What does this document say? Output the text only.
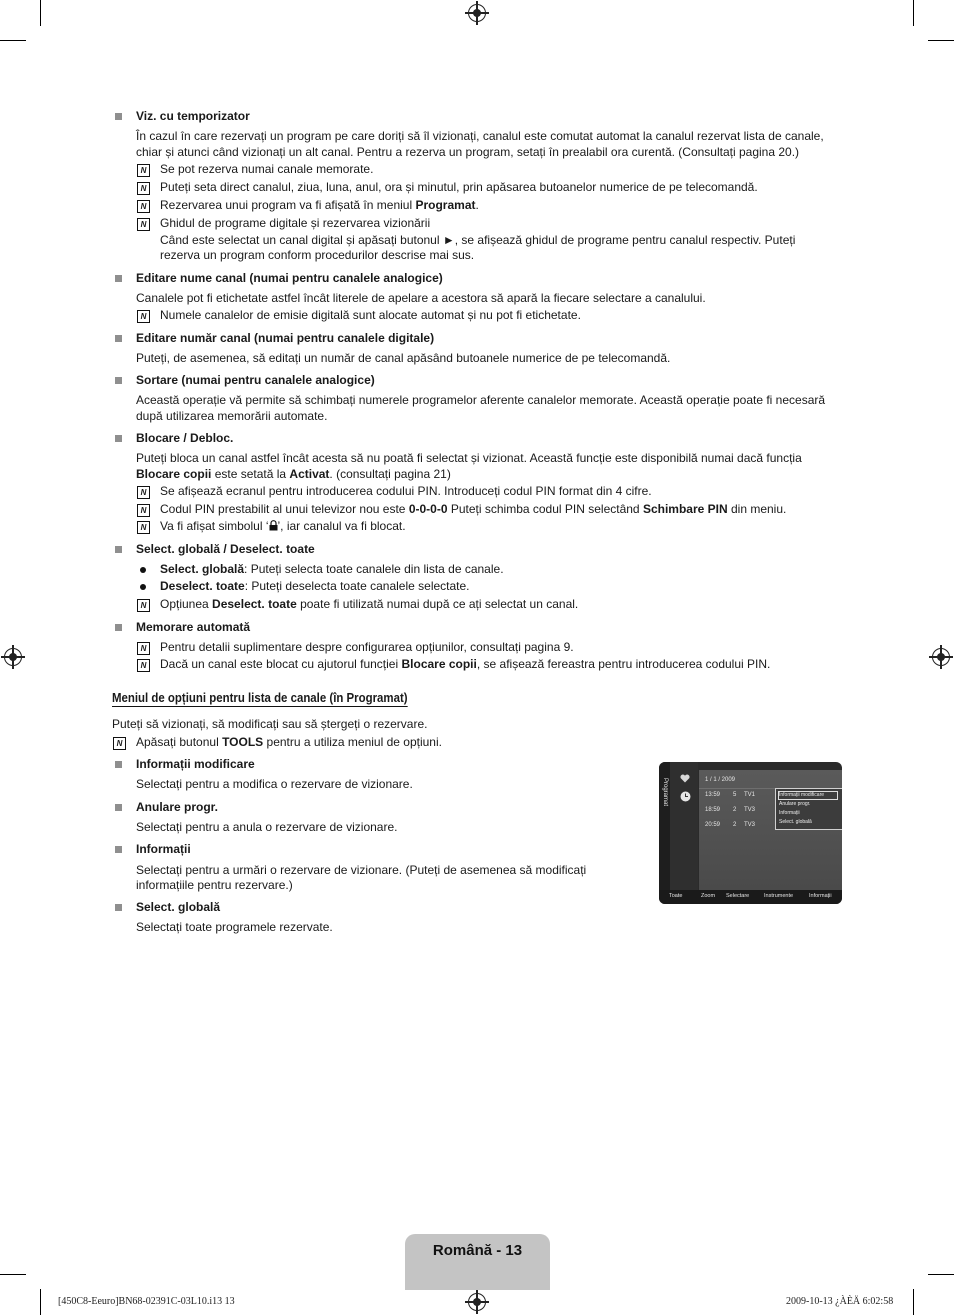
Viz. cu temporizator
În cazul în care rezervați un program pe care doriți să îl vizionați, canalul este comutat automat la canalul rezervat lista de canale,
chiar și atunci când vizionați un alt canal. Pentru a rezerva un program, setați în prealabil ora curentă. (Consultați pagina 20.)
N	Se pot rezerva numai canale memorate.
N	Puteți seta direct canalul, ziua, luna, anul, ora și minutul, prin apăsarea butoanelor numerice de pe telecomandă.
N	Rezervarea unui program va fi afișată în meniul Programat.
N	Ghidul de programe digitale și rezervarea vizionării
Când este selectat un canal digital și apăsați butonul ►, se afișează ghidul de programe pentru canalul respectiv. Puteți
rezerva un program conform procedurilor descrise mai sus.
Editare nume canal (numai pentru canalele analogice)
Canalele pot fi etichetate astfel încât literele de apelare a acestora să apară la fiecare selectare a canalului.
N	Numele canalelor de emisie digitală sunt alocate automat și nu pot fi etichetate.
Editare număr canal (numai pentru canalele digitale)
Puteți, de asemenea, să editați un număr de canal apăsând butoanele numerice de pe telecomandă.
Sortare (numai pentru canalele analogice)
Această operație vă permite să schimbați numerele programelor aferente canalelor memorate. Această operație poate fi necesară
după utilizarea memorării automate.
Blocare / Debloc.
Puteți bloca un canal astfel încât acesta să nu poată fi selectat și vizionat. Această funcție este disponibilă numai dacă funcția
Blocare copii este setată la Activat. (consultați pagina 21)
N	Se afișează ecranul pentru introducerea codului PIN. Introduceți codul PIN format din 4 cifre.
N	Codul PIN prestabilit al unui televizor nou este 0-0-0-0 Puteți schimba codul PIN selectând Schimbare PIN din meniu.
N	Va fi afișat simbolul ‘ ’, iar canalul va fi blocat.
Select. globală / Deselect. toate
Select. globală: Puteți selecta toate canalele din lista de canale.
Deselect. toate: Puteți deselecta toate canalele selectate.
N	Opțiunea Deselect. toate poate fi utilizată numai după ce ați selectat un canal.
Memorare automată
N	Pentru detalii suplimentare despre configurarea opțiunilor, consultați pagina 9.
N	Dacă un canal este blocat cu ajutorul funcției Blocare copii, se afișează fereastra pentru introducerea codului PIN.
Meniul de opțiuni pentru lista de canale (în Programat)
Puteți să vizionați, să modificați sau să ștergeți o rezervare.
N	Apăsați butonul TOOLS pentru a utiliza meniul de opțiuni.
Informații modificare
Selectați pentru a modifica o rezervare de vizionare.
Anulare progr.
Selectați pentru a anula o rezervare de vizionare.
Informații
Selectați pentru a urmări o rezervare de vizionare. (Puteți de asemenea să modificați
informațiile pentru rezervare.)
Select. globală
Selectați toate programele rezervate.
Programat	1 / 1 / 2009
13:59 5 TV1
18:59 2 TV3
20:59 2 TV3
Informații modificare
Anulare progr.
Informații
Select. globală
Toate	Zoom Selectare	Instrumente	Informații
Română - 13
[450C8-Eeuro]BN68-02391C-03L10.i13 13	2009-10-13 ¿ÀÈÄ 6:02:58
